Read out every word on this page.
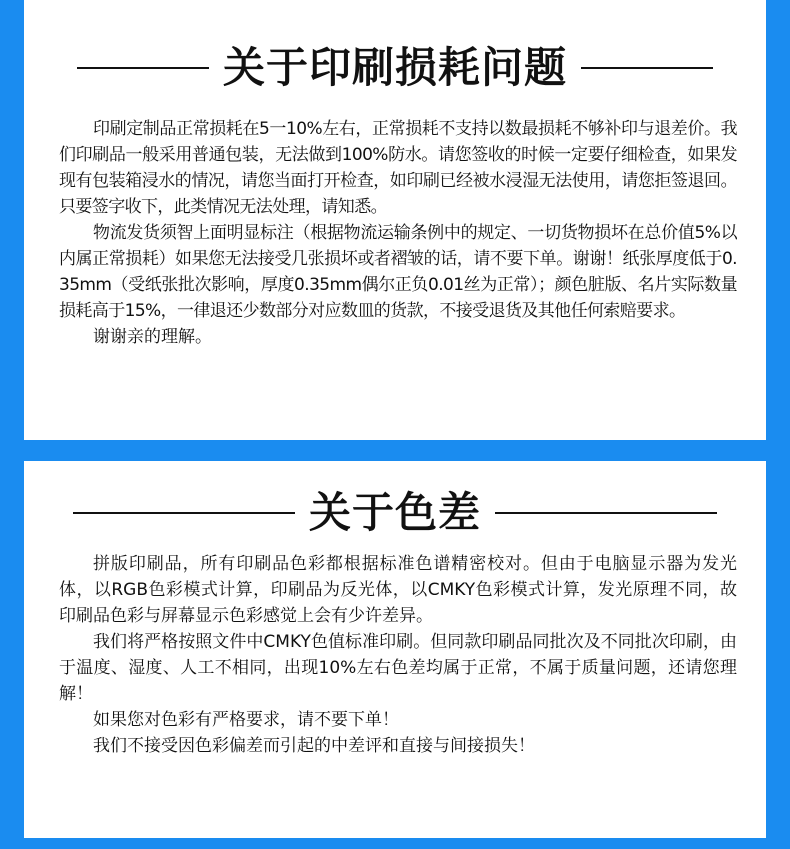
关于印刷损耗问题

印刷定制品正常损耗在5一10%左右，正常损耗不支持以数最损耗不够补印与退差价。我们印刷品一般采用普通包装，无法做到100%防水。请您签收的时候一定要仔细检查，如果发现有包装箱浸水的情况，请您当面打开检查，如印刷已经被水浸湿无法使用，请您拒签退回。只要签字收下，此类情况无法处理，请知悉。

物流发货须智上面明显标注（根据物流运输条例中的规定、一切货物损坏在总价值5%以内属正常损耗）如果您无法接受几张损坏或者褶皱的话，请不要下单。谢谢！纸张厚度低于0.35mm（受纸张批次影响，厚度0.35mm偶尔正负0.01丝为正常）；颜色脏版、名片实际数量损耗高于15%，一律退还少数部分对应数皿的货款，不接受退货及其他任何索赔要求。

谢谢亲的理解。

关于色差

拼版印刷品，所有印刷品色彩都根据标准色谱精密校对。但由于电脑显示器为发光体，以RGB色彩模式计算，印刷品为反光体，以CMKY色彩模式计算，发光原理不同，故印刷品色彩与屏幕显示色彩感觉上会有少许差异。

我们将严格按照文件中CMKY色值标准印刷。但同款印刷品同批次及不同批次印刷，由于温度、湿度、人工不相同，出现10%左右色差均属于正常，不属于质量问题，还请您理解！

如果您对色彩有严格要求，请不要下单！

我们不接受因色彩偏差而引起的中差评和直接与间接损失！
